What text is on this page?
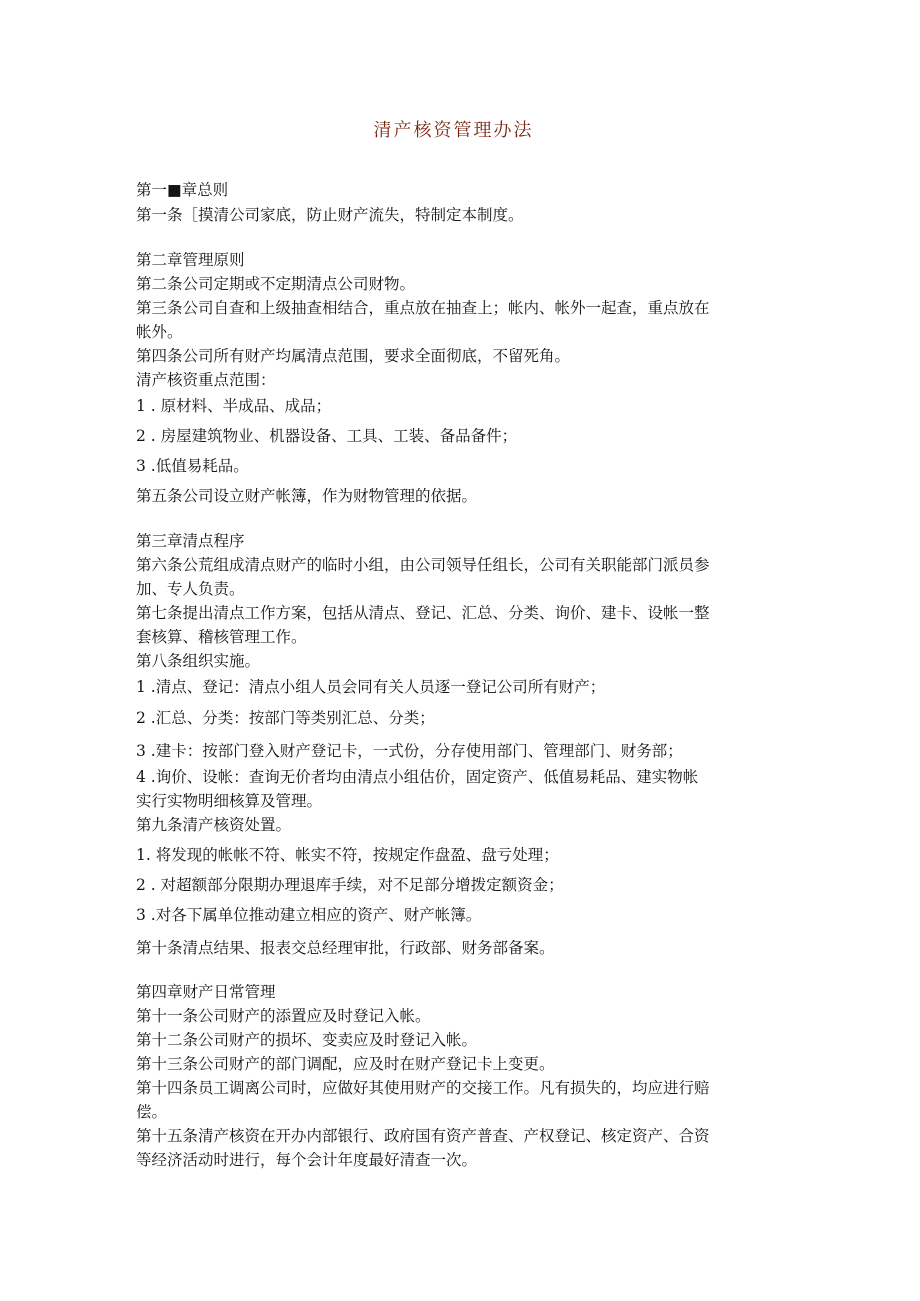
清产核资管理办法
第一■章总则
第一条［摸清公司家底，防止财产流失，特制定本制度。
第二章管理原则
第二条公司定期或不定期清点公司财物。
第三条公司自查和上级抽查相结合，重点放在抽查上；帐内、帐外一起查，重点放在
帐外。
第四条公司所有财产均属清点范围，要求全面彻底，不留死角。
清产核资重点范围：
1 . 原材料、半成品、成品；
2 . 房屋建筑物业、机器设备、工具、工装、备品备件；
3 .低值易耗品。
第五条公司设立财产帐簿，作为财物管理的依据。
第三章清点程序
第六条公荒组成清点财产的临时小组，由公司领导任组长，公司有关职能部门派员参
加、专人负责。
第七条提出清点工作方案，包括从清点、登记、汇总、分类、询价、建卡、设帐一整
套核算、稽核管理工作。
第八条组织实施。
1 .清点、登记：清点小组人员会同有关人员逐一登记公司所有财产；
2 .汇总、分类：按部门等类别汇总、分类；
3 .建卡：按部门登入财产登记卡，一式份，分存使用部门、管理部门、财务部；
4 .询价、设帐：查询无价者均由清点小组估价，固定资产、低值易耗品、建实物帐
实行实物明细核算及管理。
第九条清产核资处置。
1. 将发现的帐帐不符、帐实不符，按规定作盘盈、盘亏处理；
2 . 对超额部分限期办理退库手续，对不足部分增拨定额资金；
3 .对各下属单位推动建立相应的资产、财产帐簿。
第十条清点结果、报表交总经理审批，行政部、财务部备案。
第四章财产日常管理
第十一条公司财产的添置应及时登记入帐。
第十二条公司财产的损坏、变卖应及时登记入帐。
第十三条公司财产的部门调配，应及时在财产登记卡上变更。
第十四条员工调离公司时，应做好其使用财产的交接工作。凡有损失的，均应进行赔
偿。
第十五条清产核资在开办内部银行、政府国有资产普查、产权登记、核定资产、合资
等经济活动时进行，每个会计年度最好清查一次。
